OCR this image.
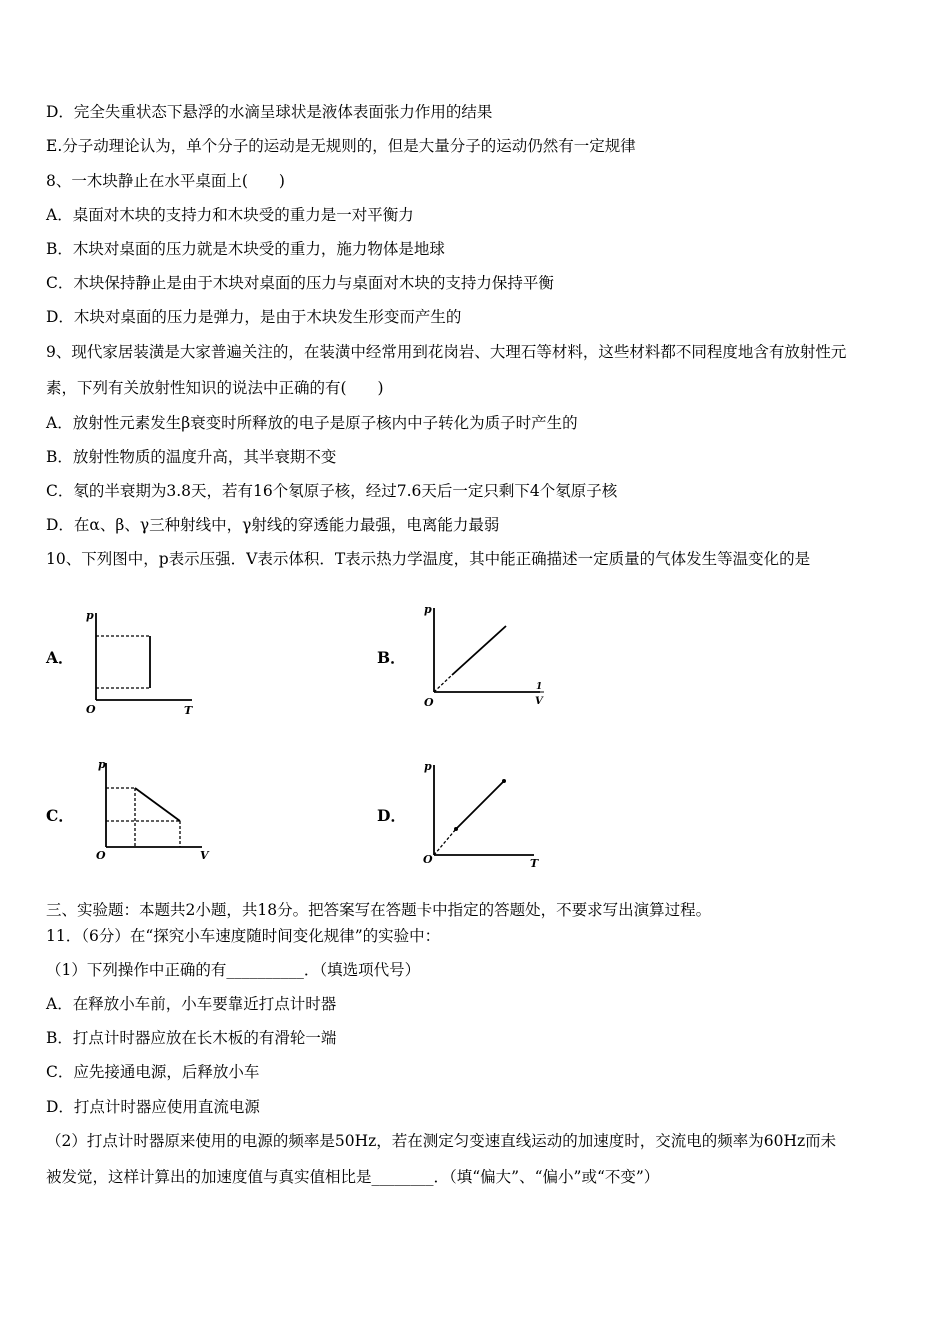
D．完全失重状态下悬浮的水滴呈球状是液体表面张力作用的结果
E.分子动理论认为，单个分子的运动是无规则的，但是大量分子的运动仍然有一定规律
8、一木块静止在水平桌面上(　　)
A．桌面对木块的支持力和木块受的重力是一对平衡力
B．木块对桌面的压力就是木块受的重力，施力物体是地球
C．木块保持静止是由于木块对桌面的压力与桌面对木块的支持力保持平衡
D．木块对桌面的压力是弹力，是由于木块发生形变而产生的
9、现代家居装潢是大家普遍关注的，在装潢中经常用到花岗岩、大理石等材料，这些材料都不同程度地含有放射性元
素，下列有关放射性知识的说法中正确的有(　　)
A．放射性元素发生β衰变时所释放的电子是原子核内中子转化为质子时产生的
B．放射性物质的温度升高，其半衰期不变
C．氡的半衰期为3.8天，若有16个氡原子核，经过7.6天后一定只剩下4个氡原子核
D．在α、β、γ三种射线中，γ射线的穿透能力最强，电离能力最弱
10、下列图中，p表示压强．V表示体积．T表示热力学温度，其中能正确描述一定质量的气体发生等温变化的是
A．
p
O	T
B．
p
O
1
V
C．
p
O	V
D．
p
O	T
三、实验题：本题共2小题，共18分。把答案写在答题卡中指定的答题处，不要求写出演算过程。
11．（6分）在“探究小车速度随时间变化规律”的实验中：
（1）下列操作中正确的有__________．（填选项代号）
A．在释放小车前，小车要靠近打点计时器
B．打点计时器应放在长木板的有滑轮一端
C．应先接通电源，后释放小车
D．打点计时器应使用直流电源
（2）打点计时器原来使用的电源的频率是50Hz，若在测定匀变速直线运动的加速度时，交流电的频率为60Hz而未
被发觉，这样计算出的加速度值与真实值相比是________．（填“偏大”、“偏小”或“不变”）
